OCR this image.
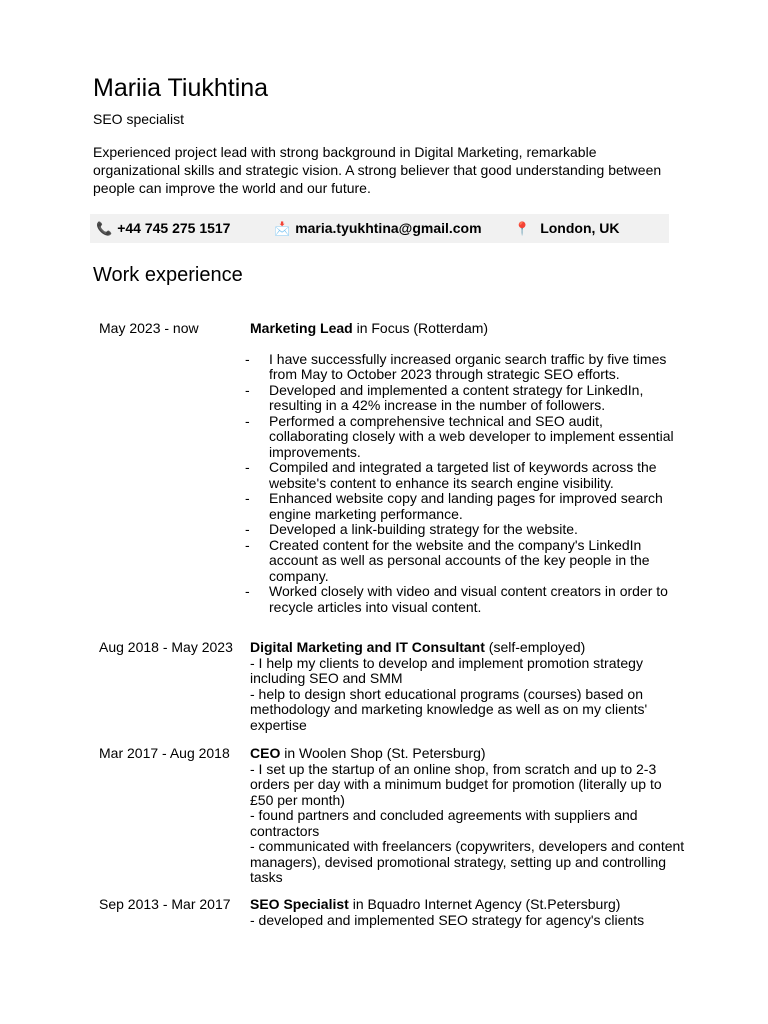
Mariia Tiukhtina
SEO specialist
Experienced project lead with strong background in Digital Marketing, remarkable organizational skills and strategic vision. A strong believer that good understanding between people can improve the world and our future.
📞 +44 745 275 1517	📩 maria.tyukhtina@gmail.com 📍 London, UK
Work experience
May 2023 - now	Marketing Lead in Focus (Rotterdam)
- I have successfully increased organic search traffic by five times from May to October 2023 through strategic SEO efforts.
- Developed and implemented a content strategy for LinkedIn, resulting in a 42% increase in the number of followers.
- Performed a comprehensive technical and SEO audit, collaborating closely with a web developer to implement essential improvements.
- Compiled and integrated a targeted list of keywords across the website's content to enhance its search engine visibility.
- Enhanced website copy and landing pages for improved search engine marketing performance.
- Developed a link-building strategy for the website.
- Created content for the website and the company's LinkedIn account as well as personal accounts of the key people in the company.
- Worked closely with video and visual content creators in order to recycle articles into visual content.
Aug 2018 - May 2023	Digital Marketing and IT Consultant (self-employed)
- I help my clients to develop and implement promotion strategy including SEO and SMM
- help to design short educational programs (courses) based on methodology and marketing knowledge as well as on my clients' expertise
Mar 2017 - Aug 2018	CEO in Woolen Shop (St. Petersburg)
- I set up the startup of an online shop, from scratch and up to 2-3 orders per day with a minimum budget for promotion (literally up to £50 per month)
- found partners and concluded agreements with suppliers and contractors
- communicated with freelancers (copywriters, developers and content managers), devised promotional strategy, setting up and controlling tasks
Sep 2013 - Mar 2017	SEO Specialist in Bquadro Internet Agency (St.Petersburg)
- developed and implemented SEO strategy for agency's clients
